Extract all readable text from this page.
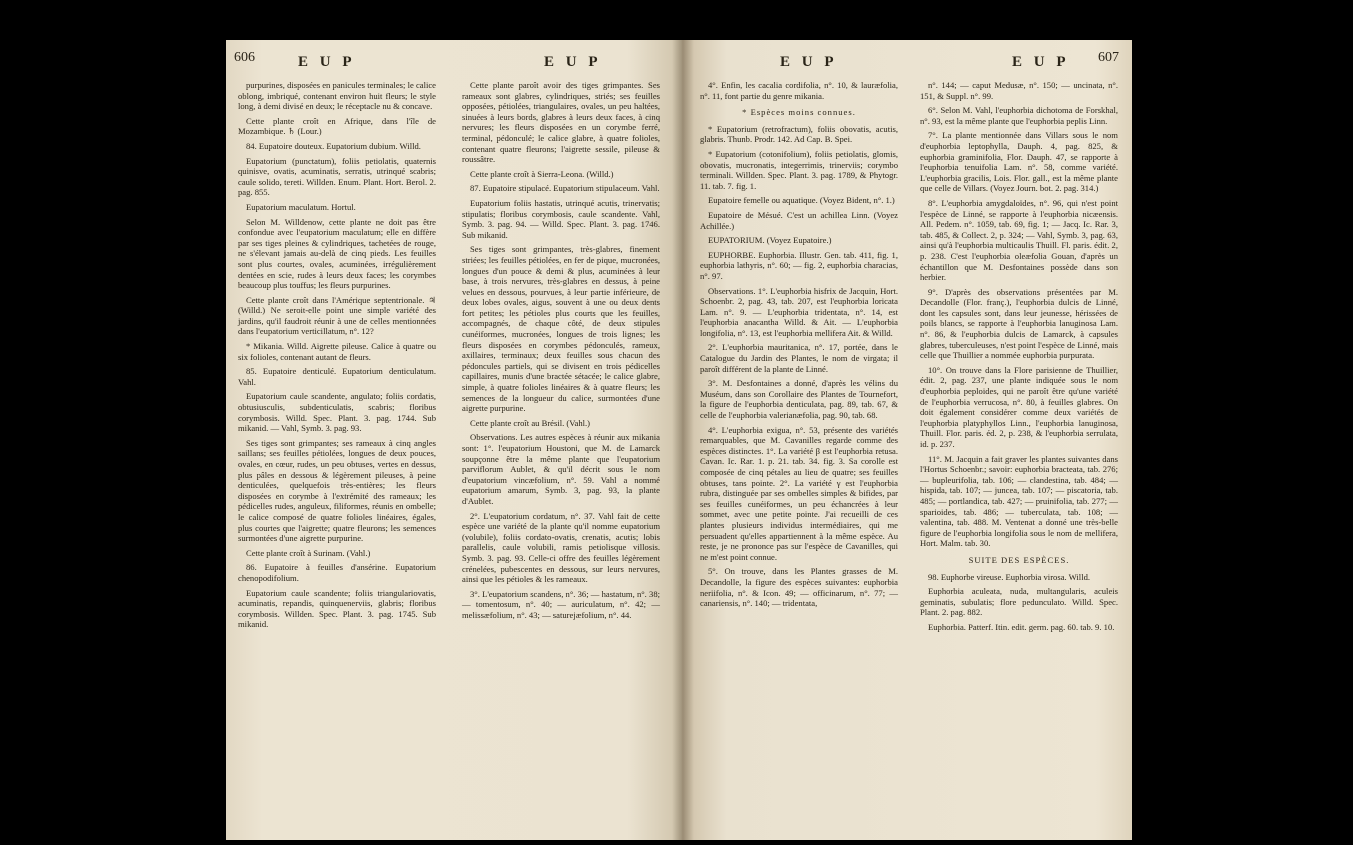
606	E U P	E U P

purpurines, disposées en panicules terminales; le calice oblong, imbriqué, contenant environ huit fleurs; le style long, à demi divisé en deux; le réceptacle nu & concave.

Cette plante croît en Afrique, dans l'île de Mozambique. ♄ (Lour.)

84. Eupatoire douteux. Eupatorium dubium. Willd.

Eupatorium (punctatum), foliis petiolatis, quaternis quinisve, ovatis, acuminatis, serratis, utrinqué scabris; caule solido, tereti. Willden. Enum. Plant. Hort. Berol. 2. pag. 855.

Eupatorium maculatum. Hortul.

Selon M. Willdenow, cette plante ne doit pas être confondue avec l'eupatorium maculatum; elle en diffère par ses tiges pleines & cylindriques, tachetées de rouge, ne s'élevant jamais au-delà de cinq pieds. Les feuilles sont plus courtes, ovales, acuminées, irrégulièrement dentées en scie, rudes à leurs deux faces; les corymbes beaucoup plus touffus; les fleurs purpurines.

Cette plante croît dans l'Amérique septentrionale. ♃ (Willd.) Ne seroit-elle point une simple variété des jardins, qu'il faudroit réunir à une de celles mentionnées dans l'eupatorium verticillatum, n°. 12?

* Mikania. Willd. Aigrette pileuse. Calice à quatre ou six folioles, contenant autant de fleurs.

85. Eupatoire denticulé. Eupatorium denticulatum. Vahl.

Eupatorium caule scandente, angulato; foliis cordatis, obtusiusculis, subdenticulatis, scabris; floribus corymbosis. Willd. Spec. Plant. 3. pag. 1744. Sub mikanid. — Vahl, Symb. 3. pag. 93.

Ses tiges sont grimpantes; ses rameaux à cinq angles saillans; ses feuilles pétiolées, longues de deux pouces, ovales, en cœur, rudes, un peu obtuses, vertes en dessus, plus pâles en dessous & légèrement pileuses, à peine denticulées, quelquefois très-entières; les fleurs disposées en corymbe à l'extrémité des rameaux; les pédicelles rudes, anguleux, filiformes, réunis en ombelle; le calice composé de quatre folioles linéaires, égales, plus courtes que l'aigrette; quatre fleurons; les semences surmontées d'une aigrette purpurine.

Cette plante croît à Surinam. (Vahl.)

86. Eupatoire à feuilles d'ansérine. Eupatorium chenopodifolium.

Eupatorium caule scandente; foliis triangulariovatis, acuminatis, repandis, quinquenerviis, glabris; floribus corymbosis. Willden. Spec. Plant. 3. pag. 1745. Sub mikanid.

Cette plante paroît avoir des tiges grimpantes. Ses rameaux sont glabres, cylindriques, striés; ses feuilles opposées, pétiolées, triangulaires, ovales, un peu haltées, sinuées à leurs bords, glabres à leurs deux faces, à cinq nervures; les fleurs disposées en un corymbe ferré, terminal, pédonculé; le calice glabre, à quatre folioles, contenant quatre fleurons; l'aigrette sessile, pileuse & roussâtre.

Cette plante croît à Sierra-Leona. (Willd.)

87. Eupatoire stipulacé. Eupatorium stipulaceum. Vahl.

Eupatorium foliis hastatis, utrinqué acutis, trinervatis; stipulatis; floribus corymbosis, caule scandente. Vahl, Symb. 3. pag. 94. — Willd. Spec. Plant. 3. pag. 1746. Sub mikanid.

Ses tiges sont grimpantes, très-glabres, finement striées; les feuilles pétiolées, en fer de pique, mucronées, longues d'un pouce & demi & plus, acuminées à leur base, à trois nervures, très-glabres en dessus, à peine velues en dessous, pourvues, à leur partie inférieure, de deux lobes ovales, aigus, souvent à une ou deux dents fort petites; les pétioles plus courts que les feuilles, accompagnés, de chaque côté, de deux stipules cunéiformes, mucronées, longues de trois lignes; les fleurs disposées en corymbes pédonculés, rameux, axillaires, terminaux; deux feuilles sous chacun des pédoncules partiels, qui se divisent en trois pédicelles capillaires, munis d'une bractée sétacée; le calice glabre, simple, à quatre folioles linéaires & à quatre fleurs; les semences de la longueur du calice, surmontées d'une aigrette purpurine.

Cette plante croît au Brésil. (Vahl.)

Observations. Les autres espèces à réunir aux mikania sont: 1°. l'eupatorium Houstoni, que M. de Lamarck soupçonne être la même plante que l'eupatorium parviflorum Aublet, & qu'il décrit sous le nom d'eupatorium vincæfolium, n°. 59. Vahl a nommé eupatorium amarum, Symb. 3, pag. 93, la plante d'Aublet.

2°. L'eupatorium cordatum, n°. 37. Vahl fait de cette espèce une variété de la plante qu'il nomme eupatorium (volubile), foliis cordato-ovatis, crenatis, acutis; lobis parallelis, caule volubili, ramis petiolisque villosis. Symb. 3. pag. 93. Celle-ci offre des feuilles légèrement crénelées, pubescentes en dessous, sur leurs nervures, ainsi que les pétioles & les rameaux.

3°. L'eupatorium scandens, n°. 36; — hastatum, n°. 38; — tomentosum, n°. 40; — auriculatum, n°. 42; — melissæfolium, n°. 43; — saturejæfolium, n°. 44.

E U P	E U P 607

4°. Enfin, les cacalia cordifolia, n°. 10, & lauræfolia, n°. 11, font partie du genre mikania.

* Espèces moins connues.

* Eupatorium (retrofractum), foliis obovatis, acutis, glabris. Thunb. Prodr. 142. Ad Cap. B. Spei.

* Eupatorium (cotonifolium), foliis petiolatis, glomis, obovatis, mucronatis, integerrimis, trinerviis; corymbo terminali. Willden. Spec. Plant. 3. pag. 1789, & Phytogr. 11. tab. 7. fig. 1.

Eupatoire femelle ou aquatique. (Voyez Bident, n°. 1.)

Eupatoire de Mésué. C'est un achillea Linn. (Voyez Achillée.)

EUPATORIUM. (Voyez Eupatoire.)

EUPHORBE. Euphorbia. Illustr. Gen. tab. 411, fig. 1, euphorbia lathyris, n°. 60; — fig. 2, euphorbia characias, n°. 97.

Observations. 1°. L'euphorbia hisfrix de Jacquin, Hort. Schoenbr. 2, pag. 43, tab. 207, est l'euphorbia loricata Lam. n°. 9. — L'euphorbia tridentata, n°. 14, est l'euphorbia anacantha Willd. & Ait. — L'euphorbia longifolia, n°. 13, est l'euphorbia mellifera Ait. & Willd.

2°. L'euphorbia mauritanica, n°. 17, portée, dans le Catalogue du Jardin des Plantes, le nom de virgata; il paroît différent de la plante de Linné.

3°. M. Desfontaines a donné, d'après les vélins du Muséum, dans son Corollaire des Plantes de Tournefort, la figure de l'euphorbia denticulata, pag. 89, tab. 67, & celle de l'euphorbia valerianæfolia, pag. 90, tab. 68.

4°. L'euphorbia exigua, n°. 53, présente des variétés remarquables, que M. Cavanilles regarde comme des espèces distinctes. 1°. La variété β est l'euphorbia retusa. Cavan. Ic. Rar. 1. p. 21. tab. 34. fig. 3. Sa corolle est composée de cinq pétales au lieu de quatre; ses feuilles obtuses, tans pointe. 2°. La variété γ est l'euphorbia rubra, distinguée par ses ombelles simples & bifides, par ses feuilles cunéiformes, un peu échancrées à leur sommet, avec une petite pointe. J'ai recueilli de ces plantes plusieurs individus intermédiaires, qui me persuadent qu'elles appartiennent à la même espèce. Au reste, je ne prononce pas sur l'espèce de Cavanilles, qui ne m'est point connue.

5°. On trouve, dans les Plantes grasses de M. Decandolle, la figure des espèces suivantes: euphorbia neriifolia, n°. & Icon. 49; — officinarum, n°. 77; — canariensis, n°. 140; — tridentata,

n°. 144; — caput Medusæ, n°. 150; — uncinata, n°. 151, & Suppl. n°. 99.

6°. Selon M. Vahl, l'euphorbia dichotoma de Forskhal, n°. 93, est la même plante que l'euphorbia peplis Linn.

7°. La plante mentionnée dans Villars sous le nom d'euphorbia leptophylla, Dauph. 4, pag. 825, & euphorbia graminifolia, Flor. Dauph. 47, se rapporte à l'euphorbia tenuifolia Lam. n°. 58, comme variété. L'euphorbia gracilis, Lois. Flor. gall., est la même plante que celle de Villars. (Voyez Journ. bot. 2. pag. 314.)

8°. L'euphorbia amygdaloïdes, n°. 96, qui n'est point l'espèce de Linné, se rapporte à l'euphorbia nicæensis. All. Pedem. n°. 1059, tab. 69, fig. 1; — Jacq. Ic. Rar. 3, tab. 485, & Collect. 2, p. 324; — Vahl, Symb. 3, pag. 63, ainsi qu'à l'euphorbia multicaulis Thuill. Fl. paris. édit. 2, p. 238. C'est l'euphorbia oleæfolia Gouan, d'après un échantillon que M. Desfontaines possède dans son herbier.

9°. D'après des observations présentées par M. Decandolle (Flor. franç.), l'euphorbia dulcis de Linné, dont les capsules sont, dans leur jeunesse, hérissées de poils blancs, se rapporte à l'euphorbia lanuginosa Lam. n°. 86, & l'euphorbia dulcis de Lamarck, à capsules glabres, tuberculeuses, n'est point l'espèce de Linné, mais celle que Thuillier a nommée euphorbia purpurata.

10°. On trouve dans la Flore parisienne de Thuillier, édit. 2, pag. 237, une plante indiquée sous le nom d'euphorbia peploides, qui ne paroît être qu'une variété de l'euphorbia verrucosa, n°. 80, à feuilles glabres. On doit également considérer comme deux variétés de l'euphorbia platyphyllos Linn., l'euphorbia lanuginosa, Thuill. Flor. paris. éd. 2, p. 238, & l'euphorbia serrulata, id. p. 237.

11°. M. Jacquin a fait graver les plantes suivantes dans l'Hortus Schoenbr.; savoir: euphorbia bracteata, tab. 276; — bupleurifolia, tab. 106; — clandestina, tab. 484; — hispida, tab. 107; — juncea, tab. 107; — piscatoria, tab. 485; — portlandica, tab. 427; — pruinifolia, tab. 277; — sparioides, tab. 486; — tuberculata, tab. 108; — valentina, tab. 488. M. Ventenat a donné une très-belle figure de l'euphorbia longifolia sous le nom de mellifera, Hort. Malm. tab. 30.

SUITE DES ESPÈCES.

98. Euphorbe vireuse. Euphorbia virosa. Willd.

Euphorbia aculeata, nuda, multangularis, aculeis geminatis, subulatis; flore pedunculato. Willd. Spec. Plant. 2. pag. 882.

Euphorbia. Patterf. Itin. edit. germ. pag. 60. tab. 9. 10.
